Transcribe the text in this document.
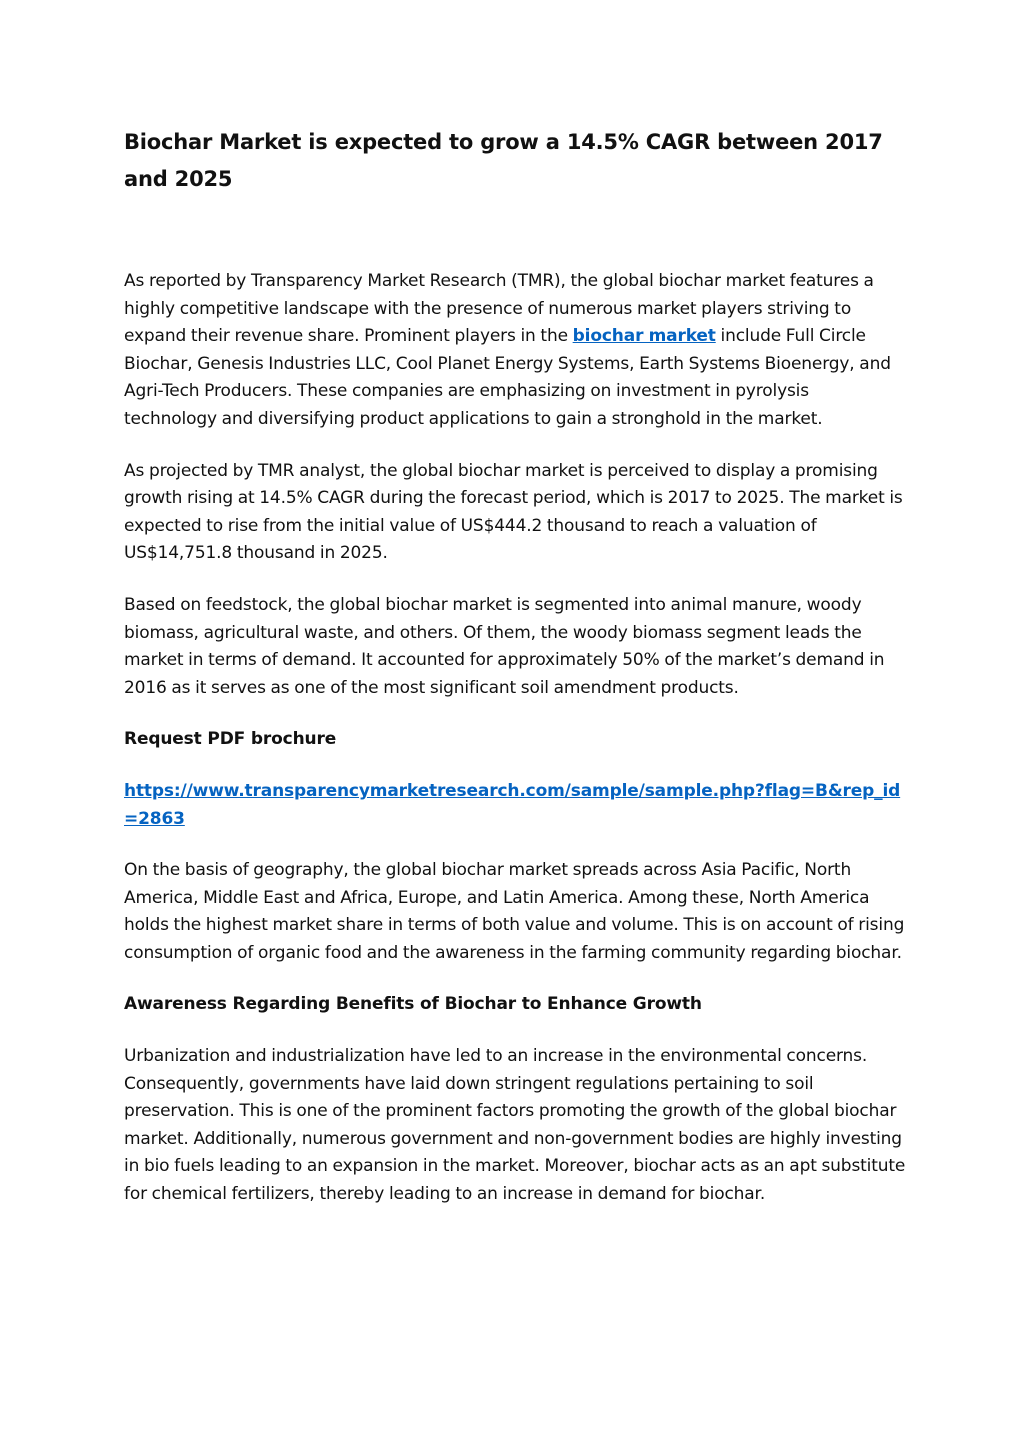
Biochar Market is expected to grow a 14.5% CAGR between 2017 and 2025

As reported by Transparency Market Research (TMR), the global biochar market features a highly competitive landscape with the presence of numerous market players striving to expand their revenue share. Prominent players in the biochar market include Full Circle Biochar, Genesis Industries LLC, Cool Planet Energy Systems, Earth Systems Bioenergy, and Agri-Tech Producers. These companies are emphasizing on investment in pyrolysis technology and diversifying product applications to gain a stronghold in the market.

As projected by TMR analyst, the global biochar market is perceived to display a promising growth rising at 14.5% CAGR during the forecast period, which is 2017 to 2025. The market is expected to rise from the initial value of US$444.2 thousand to reach a valuation of US$14,751.8 thousand in 2025.

Based on feedstock, the global biochar market is segmented into animal manure, woody biomass, agricultural waste, and others. Of them, the woody biomass segment leads the market in terms of demand. It accounted for approximately 50% of the market’s demand in 2016 as it serves as one of the most significant soil amendment products.

Request PDF brochure

https://www.transparencymarketresearch.com/sample/sample.php?flag=B&rep_id=2863

On the basis of geography, the global biochar market spreads across Asia Pacific, North America, Middle East and Africa, Europe, and Latin America. Among these, North America holds the highest market share in terms of both value and volume. This is on account of rising consumption of organic food and the awareness in the farming community regarding biochar.

Awareness Regarding Benefits of Biochar to Enhance Growth

Urbanization and industrialization have led to an increase in the environmental concerns. Consequently, governments have laid down stringent regulations pertaining to soil preservation. This is one of the prominent factors promoting the growth of the global biochar market. Additionally, numerous government and non-government bodies are highly investing in bio fuels leading to an expansion in the market. Moreover, biochar acts as an apt substitute for chemical fertilizers, thereby leading to an increase in demand for biochar.
